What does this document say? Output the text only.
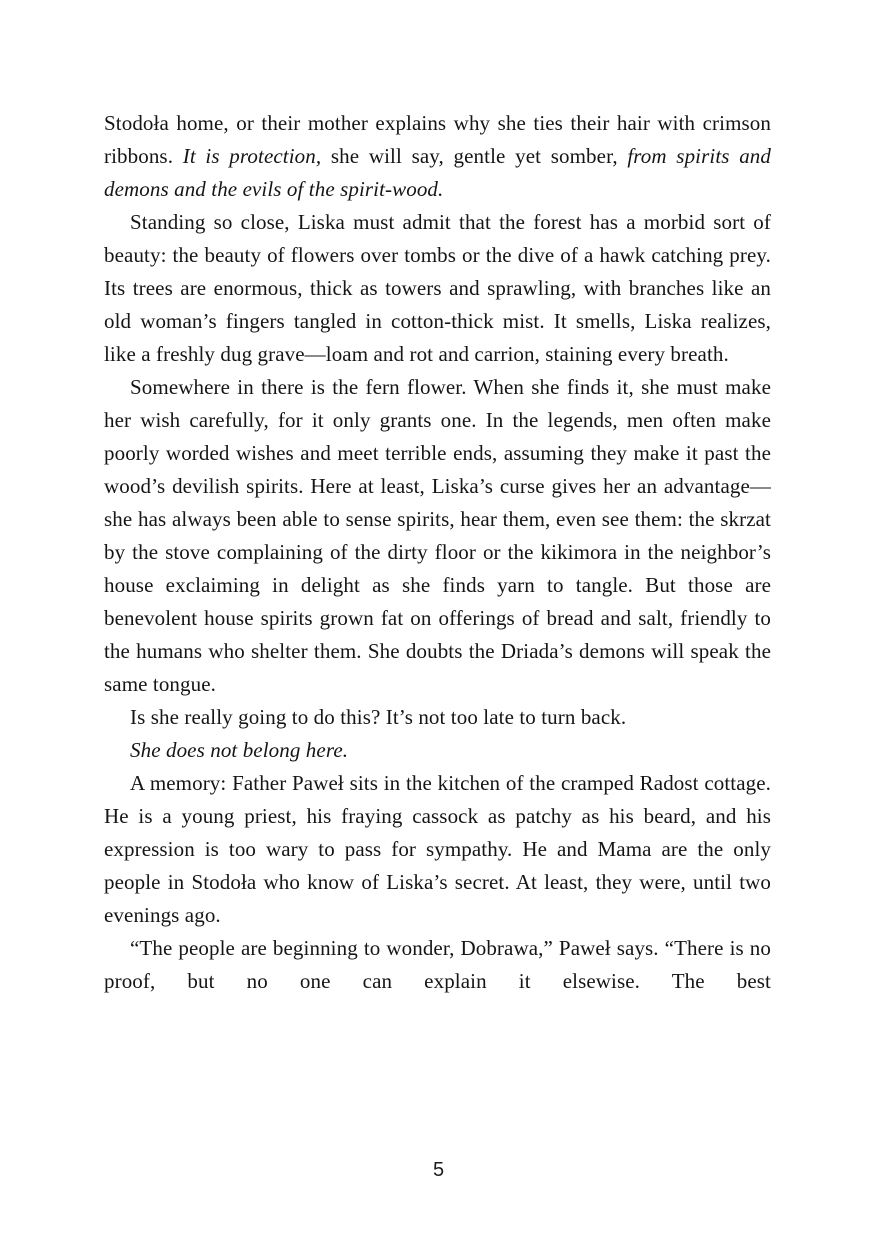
Stodoła home, or their mother explains why she ties their hair with crimson ribbons. It is protection, she will say, gentle yet somber, from spirits and demons and the evils of the spirit-wood.

Standing so close, Liska must admit that the forest has a morbid sort of beauty: the beauty of flowers over tombs or the dive of a hawk catching prey. Its trees are enormous, thick as towers and sprawling, with branches like an old woman’s fingers tangled in cotton-thick mist. It smells, Liska realizes, like a freshly dug grave—loam and rot and carrion, staining every breath.

Somewhere in there is the fern flower. When she finds it, she must make her wish carefully, for it only grants one. In the legends, men often make poorly worded wishes and meet terrible ends, assuming they make it past the wood’s devilish spirits. Here at least, Liska’s curse gives her an advantage—she has always been able to sense spirits, hear them, even see them: the skrzat by the stove complaining of the dirty floor or the kikimora in the neighbor’s house exclaiming in delight as she finds yarn to tangle. But those are benevolent house spirits grown fat on offerings of bread and salt, friendly to the humans who shelter them. She doubts the Driada’s demons will speak the same tongue.

Is she really going to do this? It’s not too late to turn back.

She does not belong here.

A memory: Father Paweł sits in the kitchen of the cramped Radost cottage. He is a young priest, his fraying cassock as patchy as his beard, and his expression is too wary to pass for sympathy. He and Mama are the only people in Stodoła who know of Liska’s secret. At least, they were, until two evenings ago.

“The people are beginning to wonder, Dobrawa,” Paweł says. “There is no proof, but no one can explain it elsewise. The best

5
